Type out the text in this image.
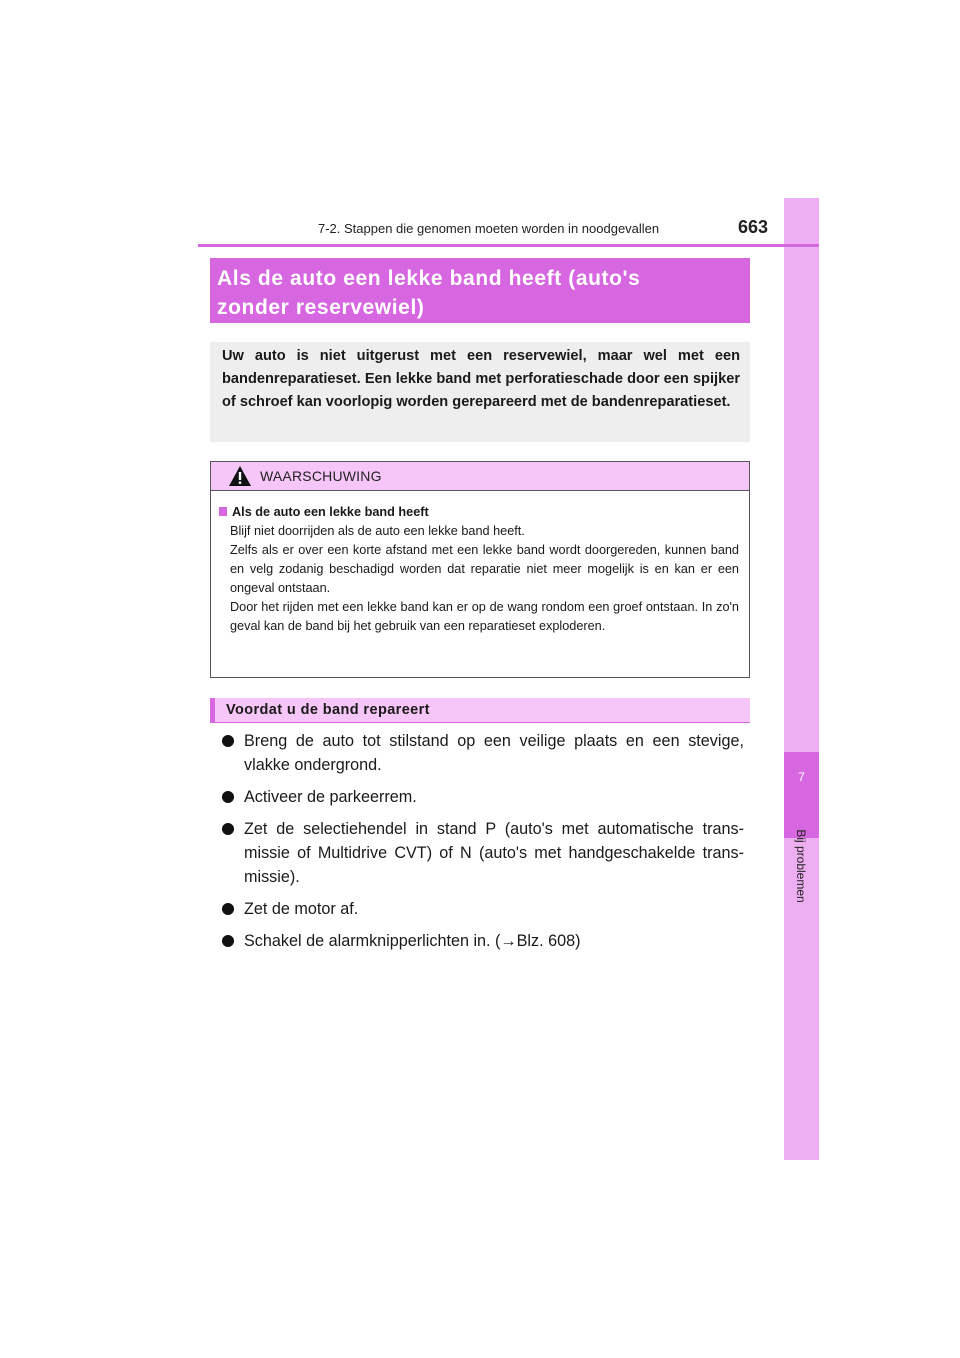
7
Bij problemen
7-2. Stappen die genomen moeten worden in noodgevallen	663
Als de auto een lekke band heeft (auto's
zonder reservewiel)
Uw auto is niet uitgerust met een reservewiel, maar wel met een bandenreparatieset. Een lekke band met perforatieschade door een spijker of schroef kan voorlopig worden gerepareerd met de bandenreparatieset.
WAARSCHUWING
Als de auto een lekke band heeft

Blijf niet doorrijden als de auto een lekke band heeft.

Zelfs als er over een korte afstand met een lekke band wordt doorgereden, kunnen band en velg zodanig beschadigd worden dat reparatie niet meer mogelijk is en kan er een ongeval ontstaan.

Door het rijden met een lekke band kan er op de wang rondom een groef ontstaan. In zo'n geval kan de band bij het gebruik van een reparatieset exploderen.

Voordat u de band repareert
Breng de auto tot stilstand op een veilige plaats en een stevige, vlakke ondergrond.
Activeer de parkeerrem.
Zet de selectiehendel in stand P (auto's met automatische trans-missie of Multidrive CVT) of N (auto's met handgeschakelde trans-missie).
Zet de motor af.
Schakel de alarmknipperlichten in. (→Blz. 608)
